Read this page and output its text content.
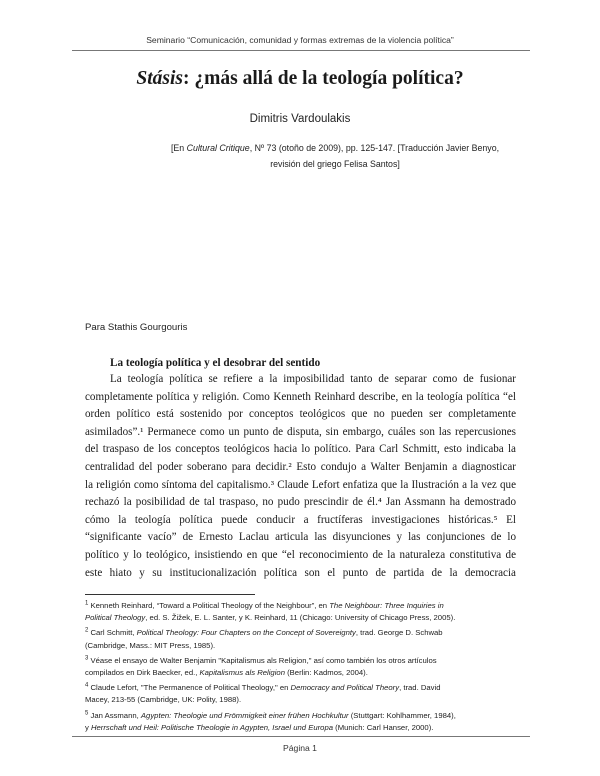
Seminario “Comunicación, comunidad y formas extremas de la violencia política”
Stásis: ¿más allá de la teología política?
Dimitris Vardoulakis
[En Cultural Critique, Nº 73 (otoño de 2009), pp. 125-147. [Traducción Javier Benyo, revisión del griego Felisa Santos]
Para Stathis Gourgouris
La teología política y el desobrar del sentido
La teología política se refiere a la imposibilidad tanto de separar como de fusionar
completamente política y religión. Como Kenneth Reinhard describe, en la teología política “el
orden político está sostenido por conceptos teológicos que no pueden ser completamente
asimilados”.¹ Permanece como un punto de disputa, sin embargo, cuáles son las repercusiones
del traspaso de los conceptos teológicos hacia lo político. Para Carl Schmitt, esto indicaba la
centralidad del poder soberano para decidir.² Esto condujo a Walter Benjamin a diagnosticar
la religión como síntoma del capitalismo.³ Claude Lefort enfatiza que la Ilustración a la vez que
rechazó la posibilidad de tal traspaso, no pudo prescindir de él.⁴ Jan Assmann ha demostrado
cómo la teología política puede conducir a fructíferas investigaciones históricas.⁵ El
“significante vacío” de Ernesto Laclau articula las disyunciones y las conjunciones de lo
político y lo teológico, insistiendo en que “el reconocimiento de la naturaleza constitutiva de
este hiato y su institucionalización política son el punto de partida de la democracia
$^1$ Kenneth Reinhard, “Toward a Political Theology of the Neighbour”, en The Neighbour: Three Inquiries in
Political Theology, ed. S. Žižek, E. L. Santer, y K. Reinhard, 11 (Chicago: University of Chicago Press, 2005).
$^2$ Carl Schmitt, Political Theology: Four Chapters on the Concept of Sovereignty, trad. George D. Schwab
(Cambridge, Mass.: MIT Press, 1985).
$^3$ Véase el ensayo de Walter Benjamin "Kapitalismus als Religion," así como también los otros artículos
compilados en Dirk Baecker, ed., Kapitalismus als Religion (Berlin: Kadmos, 2004).
$^4$ Claude Lefort, "The Permanence of Political Theology," en Democracy and Political Theory, trad. David
Macey, 213-55 (Cambridge, UK: Polity, 1988).
$^5$ Jan Assmann, Agypten: Theologie und Frömmigkeit einer frühen Hochkultur (Stuttgart: Kohlhammer, 1984),
y Herrschaft und Heil: Politische Theologie in Agypten, Israel und Europa (Munich: Carl Hanser, 2000).
Página 1
